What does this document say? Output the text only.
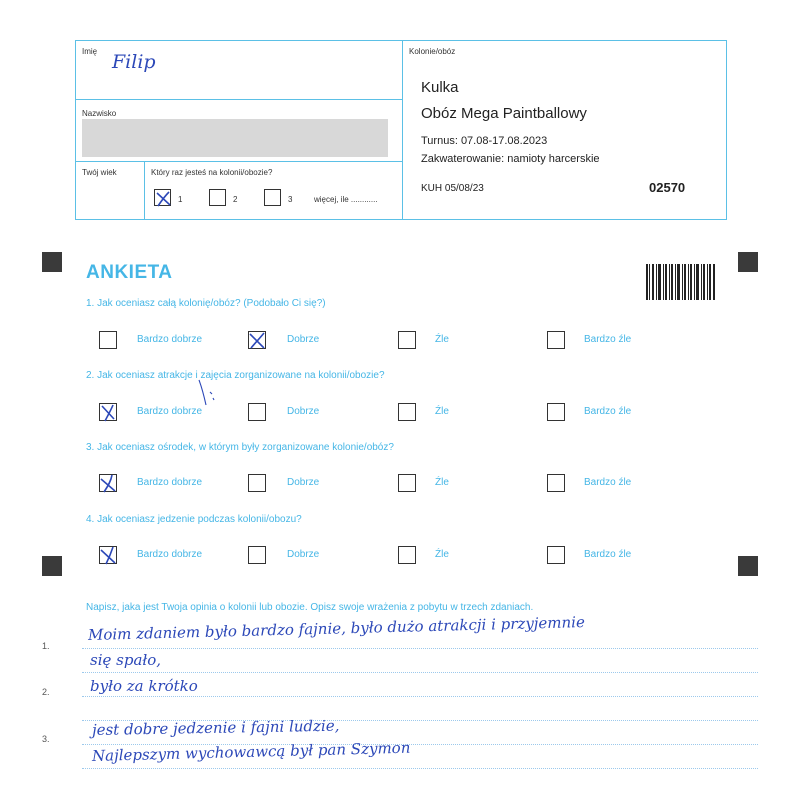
Imię Filip
Nazwisko
Twój wiek	Który raz jesteś na kolonii/obozie?
1	2	3	więcej, ile ............
Kolonie/obóz
Kulka
Obóz Mega Paintballowy
Turnus: 07.08-17.08.2023
Zakwaterowanie: namioty harcerskie
KUH 05/08/23	02570
ANKIETA
1. Jak oceniasz całą kolonię/obóz? (Podobało Ci się?)
Bardzo dobrze	Dobrze	Źle	Bardzo źle
2. Jak oceniasz atrakcje i zajęcia zorganizowane na kolonii/obozie?
Bardzo dobrze	Dobrze	Źle	Bardzo źle
3. Jak oceniasz ośrodek, w którym były zorganizowane kolonie/obóz?
Bardzo dobrze	Dobrze	Źle	Bardzo źle
4. Jak oceniasz jedzenie podczas kolonii/obozu?
Bardzo dobrze	Dobrze	Źle	Bardzo źle
Napisz, jaka jest Twoja opinia o kolonii lub obozie. Opisz swoje wrażenia z pobytu w trzech zdaniach.
1.
2.
3.
Moim zdaniem było bardzo fajnie, było dużo atrakcji i przyjemnie
się spało,
było za krótko
jest dobre jedzenie i fajni ludzie,
Najlepszym wychowawcą był pan Szymon
